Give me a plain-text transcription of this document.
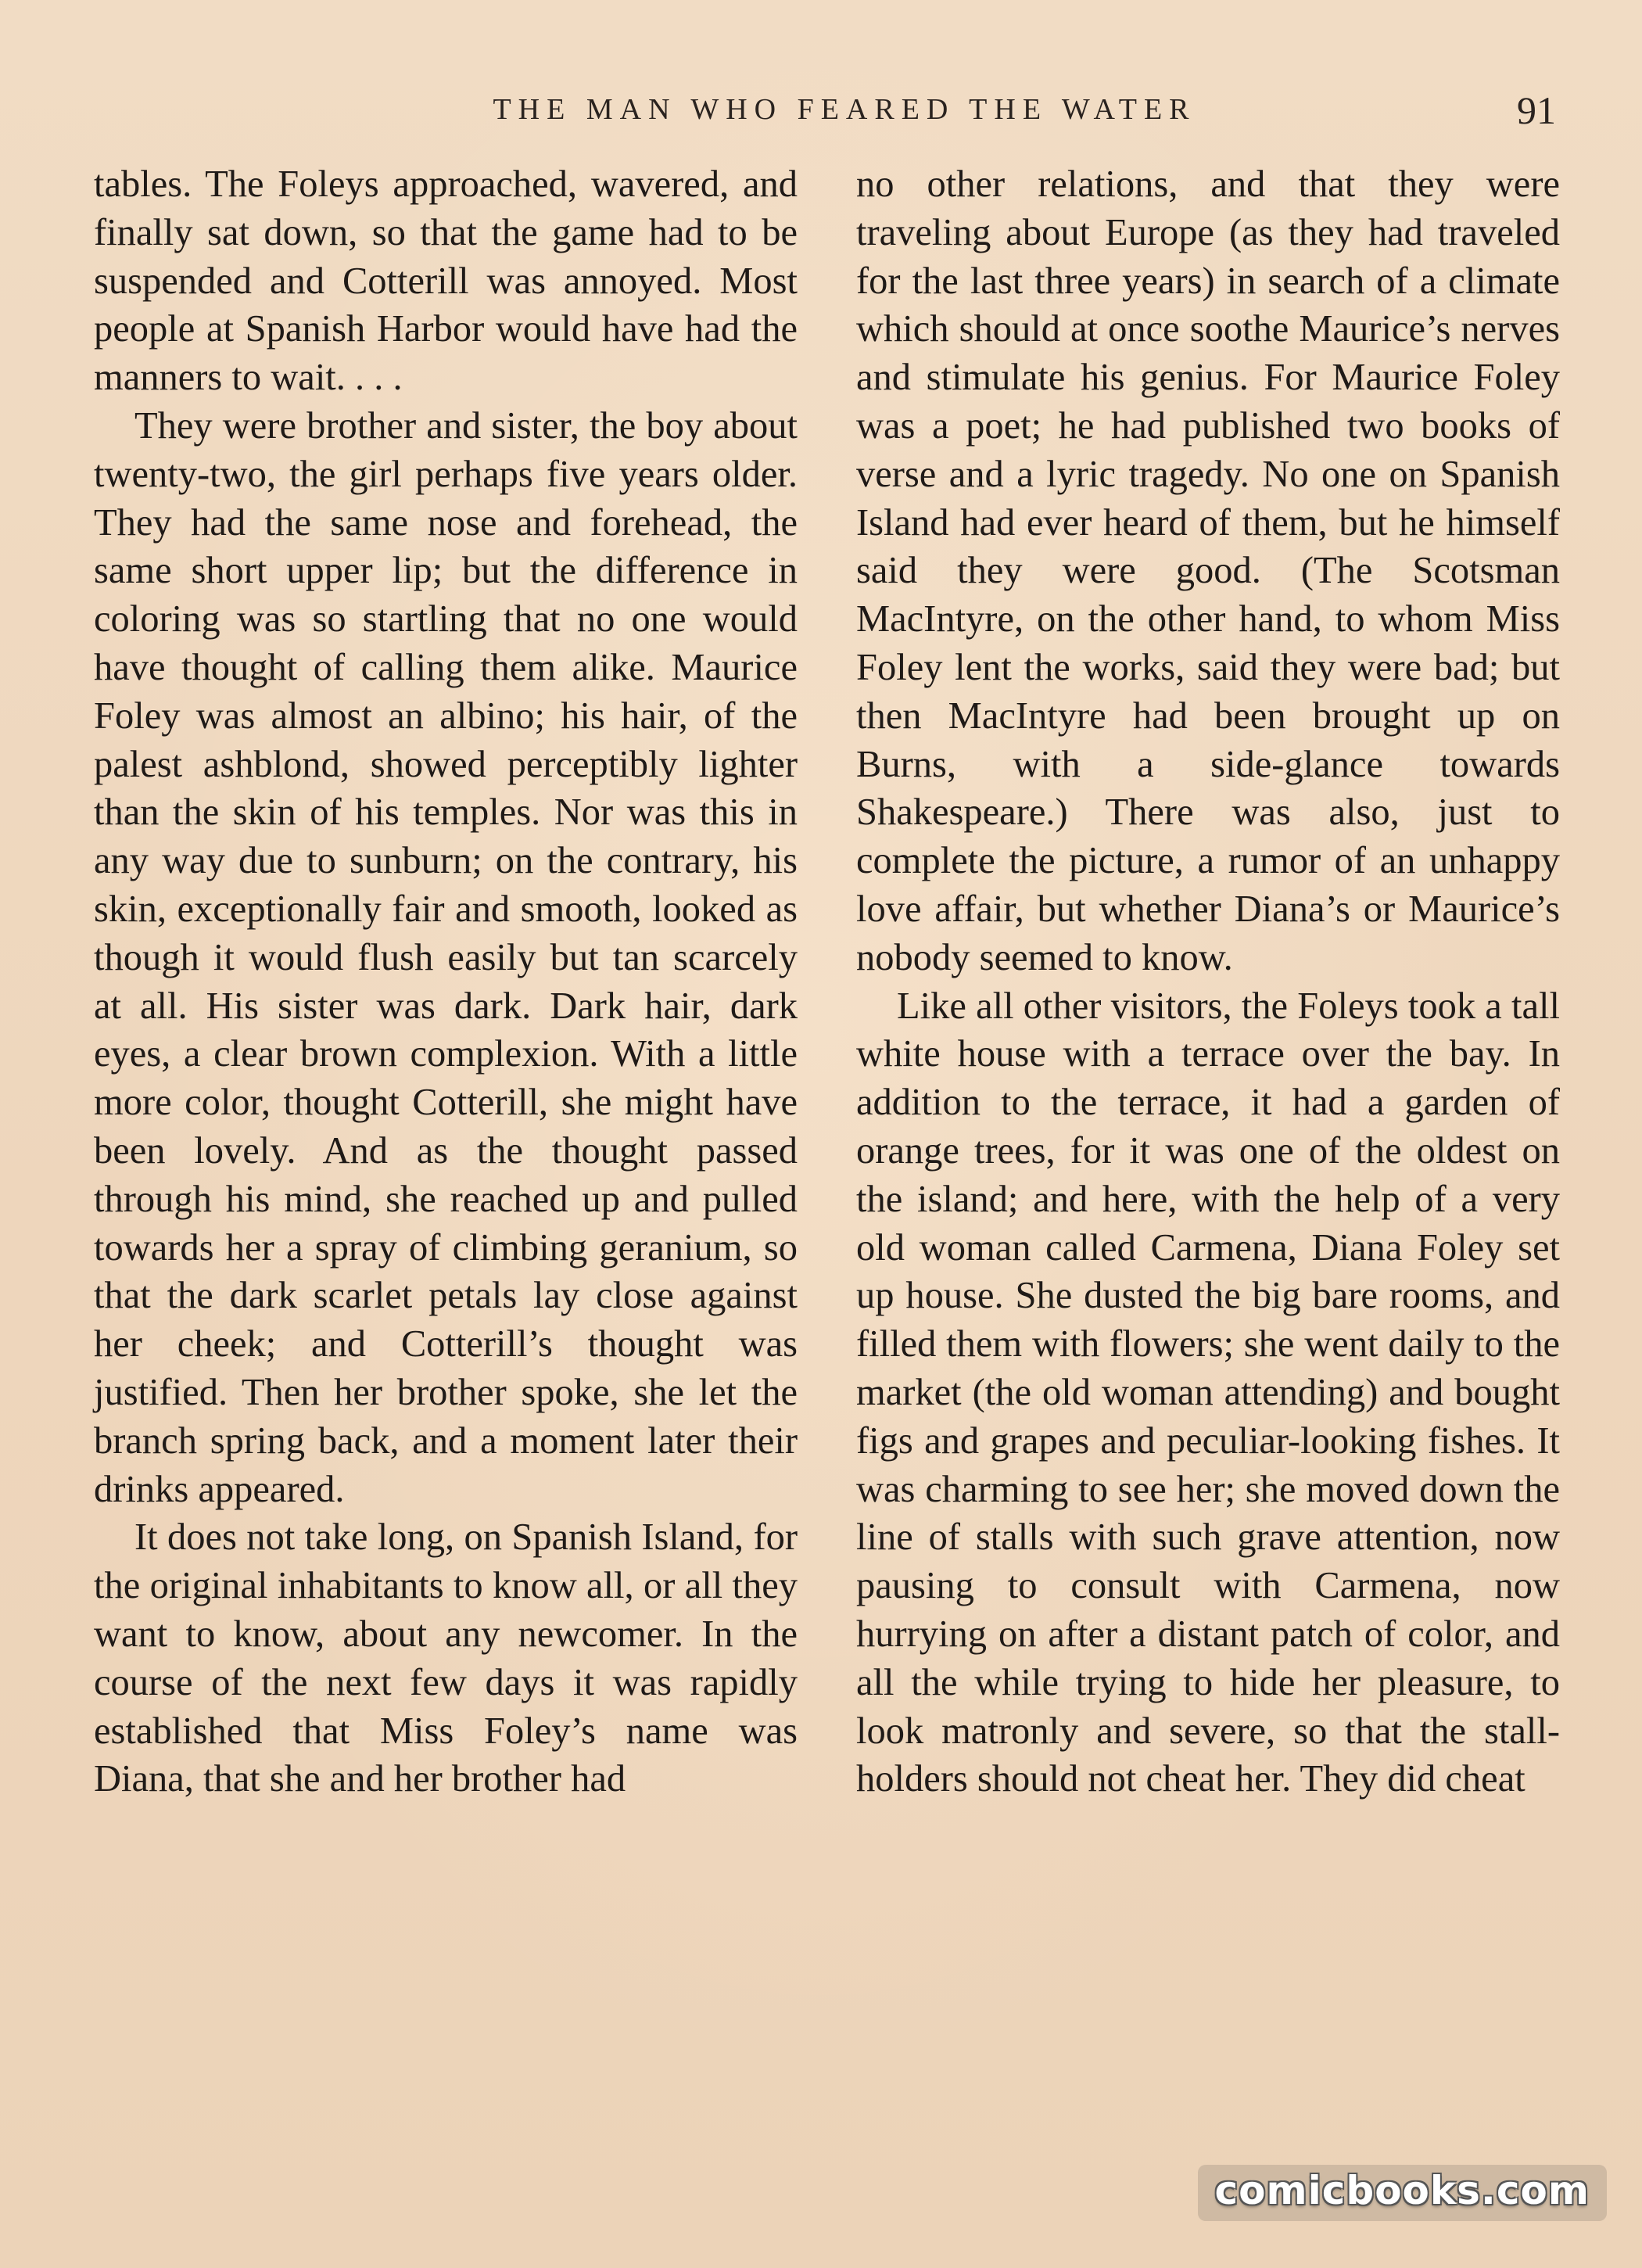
THE MAN WHO FEARED THE WATER	91

tables. The Foleys approached, wavered, and finally sat down, so that the game had to be suspended and Cotterill was annoyed. Most people at Spanish Harbor would have had the manners to wait. . . .

They were brother and sister, the boy about twenty-two, the girl perhaps five years older. They had the same nose and forehead, the same short upper lip; but the difference in coloring was so startling that no one would have thought of calling them alike. Maurice Foley was almost an albino; his hair, of the palest ashblond, showed perceptibly lighter than the skin of his temples. Nor was this in any way due to sunburn; on the contrary, his skin, exceptionally fair and smooth, looked as though it would flush easily but tan scarcely at all. His sister was dark. Dark hair, dark eyes, a clear brown complexion. With a little more color, thought Cotterill, she might have been lovely. And as the thought passed through his mind, she reached up and pulled towards her a spray of climbing geranium, so that the dark scarlet petals lay close against her cheek; and Cotterill’s thought was justified. Then her brother spoke, she let the branch spring back, and a moment later their drinks appeared.

It does not take long, on Spanish Island, for the original inhabitants to know all, or all they want to know, about any newcomer. In the course of the next few days it was rapidly established that Miss Foley’s name was Diana, that she and her brother had

no other relations, and that they were traveling about Europe (as they had traveled for the last three years) in search of a climate which should at once soothe Maurice’s nerves and stimulate his genius. For Maurice Foley was a poet; he had published two books of verse and a lyric tragedy. No one on Spanish Island had ever heard of them, but he himself said they were good. (The Scotsman MacIntyre, on the other hand, to whom Miss Foley lent the works, said they were bad; but then MacIntyre had been brought up on Burns, with a side-glance towards Shakespeare.) There was also, just to complete the picture, a rumor of an unhappy love affair, but whether Diana’s or Maurice’s nobody seemed to know.

Like all other visitors, the Foleys took a tall white house with a terrace over the bay. In addition to the terrace, it had a garden of orange trees, for it was one of the oldest on the island; and here, with the help of a very old woman called Carmena, Diana Foley set up house. She dusted the big bare rooms, and filled them with flowers; she went daily to the market (the old woman attending) and bought figs and grapes and peculiar-looking fishes. It was charming to see her; she moved down the line of stalls with such grave attention, now pausing to consult with Carmena, now hurrying on after a distant patch of color, and all the while trying to hide her pleasure, to look matronly and severe, so that the stall-holders should not cheat her. They did cheat

comicbooks.com
